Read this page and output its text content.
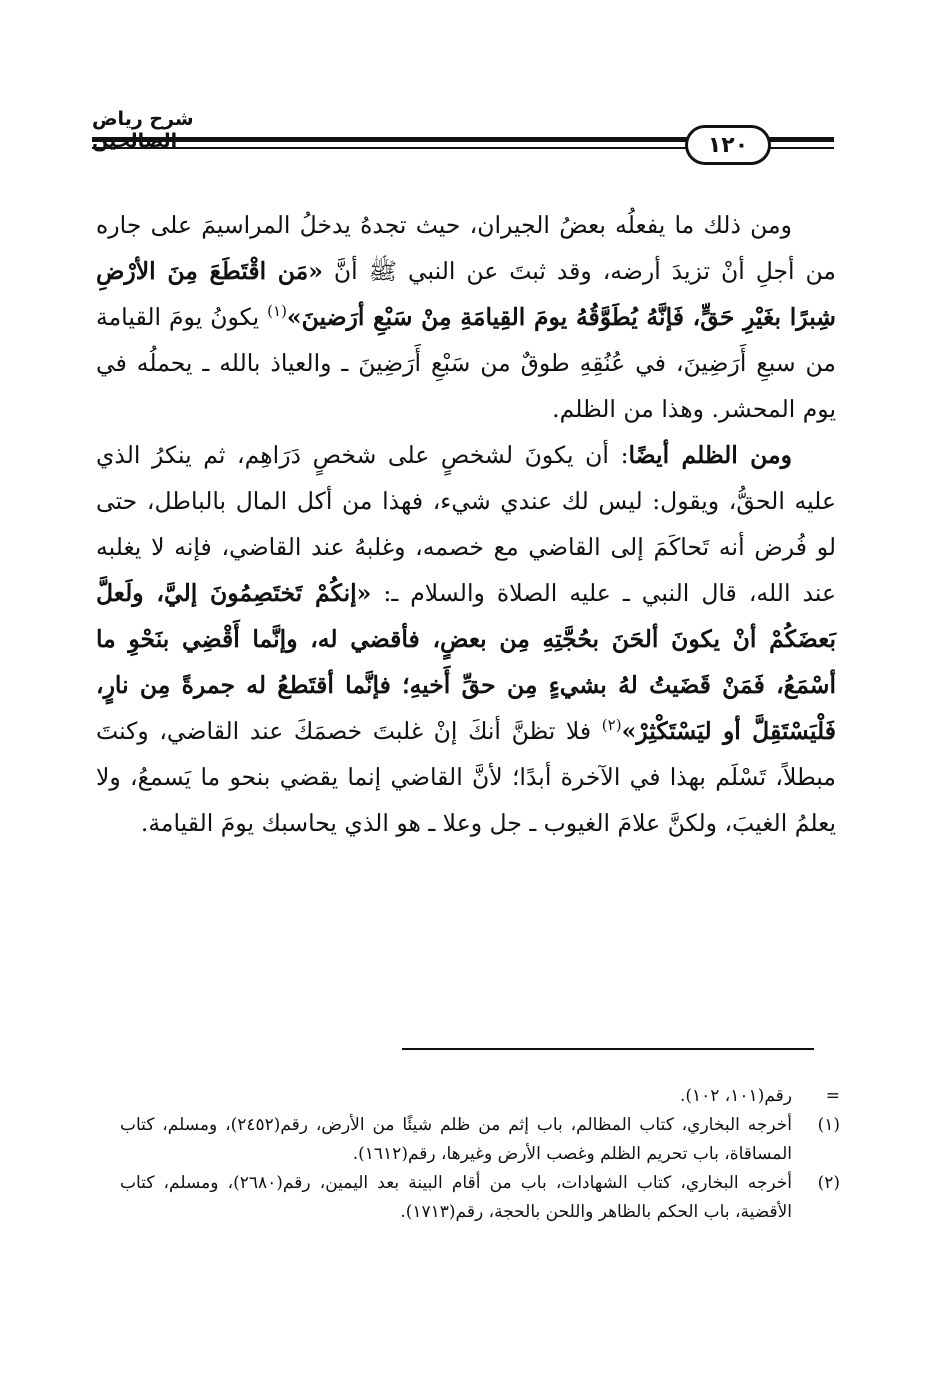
شرح رياض
١٢٠

ومن ذلك ما يفعلُه بعضُ الجيران، حيث تجدهُ يدخلُ المراسيمَ على جاره من أجلِ أنْ تزيدَ أرضه، وقد ثبتَ عن النبي ﷺ أنَّ «مَن اقْتَطَعَ مِنَ الأرْضِ شِبرًا بغَيْرِ حَقٍّ، فَإنَّهُ يُطَوَّقُهُ يومَ القِيامَةِ مِنْ سَبْعِ أرَضينَ»$^{(١)}$ يكونُ يومَ القيامة من سبعِ أَرَضِينَ، في عُنُقِهِ طوقٌ من سَبْعِ أَرَضِينَ ـ والعياذ بالله ـ يحملُه في يوم المحشر. وهذا من الظلم.

ومن الظلم أيضًا: أن يكونَ لشخصٍ على شخصٍ دَرَاهِم، ثم ينكرُ الذي عليه الحقُّ، ويقول: ليس لك عندي شيء، فهذا من أكل المال بالباطل، حتى لو فُرض أنه تَحاكَمَ إلى القاضي مع خصمه، وغلبهُ عند القاضي، فإنه لا يغلبه عند الله، قال النبي ـ عليه الصلاة والسلام ـ: «إنكُمْ تَختَصِمُونَ إليَّ، ولَعلَّ بَعضَكُمْ أنْ يكونَ ألحَنَ بحُجَّتِهِ مِن بعضٍ، فأقضي له، وإنَّما أَقْضِي بنَحْوِ ما أسْمَعُ، فَمَنْ قَضَيتُ لهُ بشيءٍ مِن حقِّ أَخيهِ؛ فإنَّما أقتَطعُ له جمرةً مِن نارٍ، فَلْيَسْتَقِلَّ أو ليَسْتَكْثِرْ»$^{(٢)}$ فلا تظنَّ أنكَ إنْ غلبتَ خصمَكَ عند القاضي، وكنتَ مبطلاً، تَسْلَم بهذا في الآخرة أبدًا؛ لأنَّ القاضي إنما يقضي بنحو ما يَسمعُ، ولا يعلمُ الغيبَ، ولكنَّ علامَ الغيوب ـ جل وعلا ـ هو الذي يحاسبك يومَ القيامة.

=
رقم(١٠١، ١٠٢).
(١)
أخرجه البخاري، كتاب المظالم، باب إثم من ظلم شيئًا من الأرض، رقم(٢٤٥٢)، ومسلم، كتاب المساقاة، باب تحريم الظلم وغصب الأرض وغيرها، رقم(١٦١٢).
(٢)
أخرجه البخاري، كتاب الشهادات، باب من أقام البينة بعد اليمين، رقم(٢٦٨٠)، ومسلم، كتاب الأقضية، باب الحكم بالظاهر واللحن بالحجة، رقم(١٧١٣).
